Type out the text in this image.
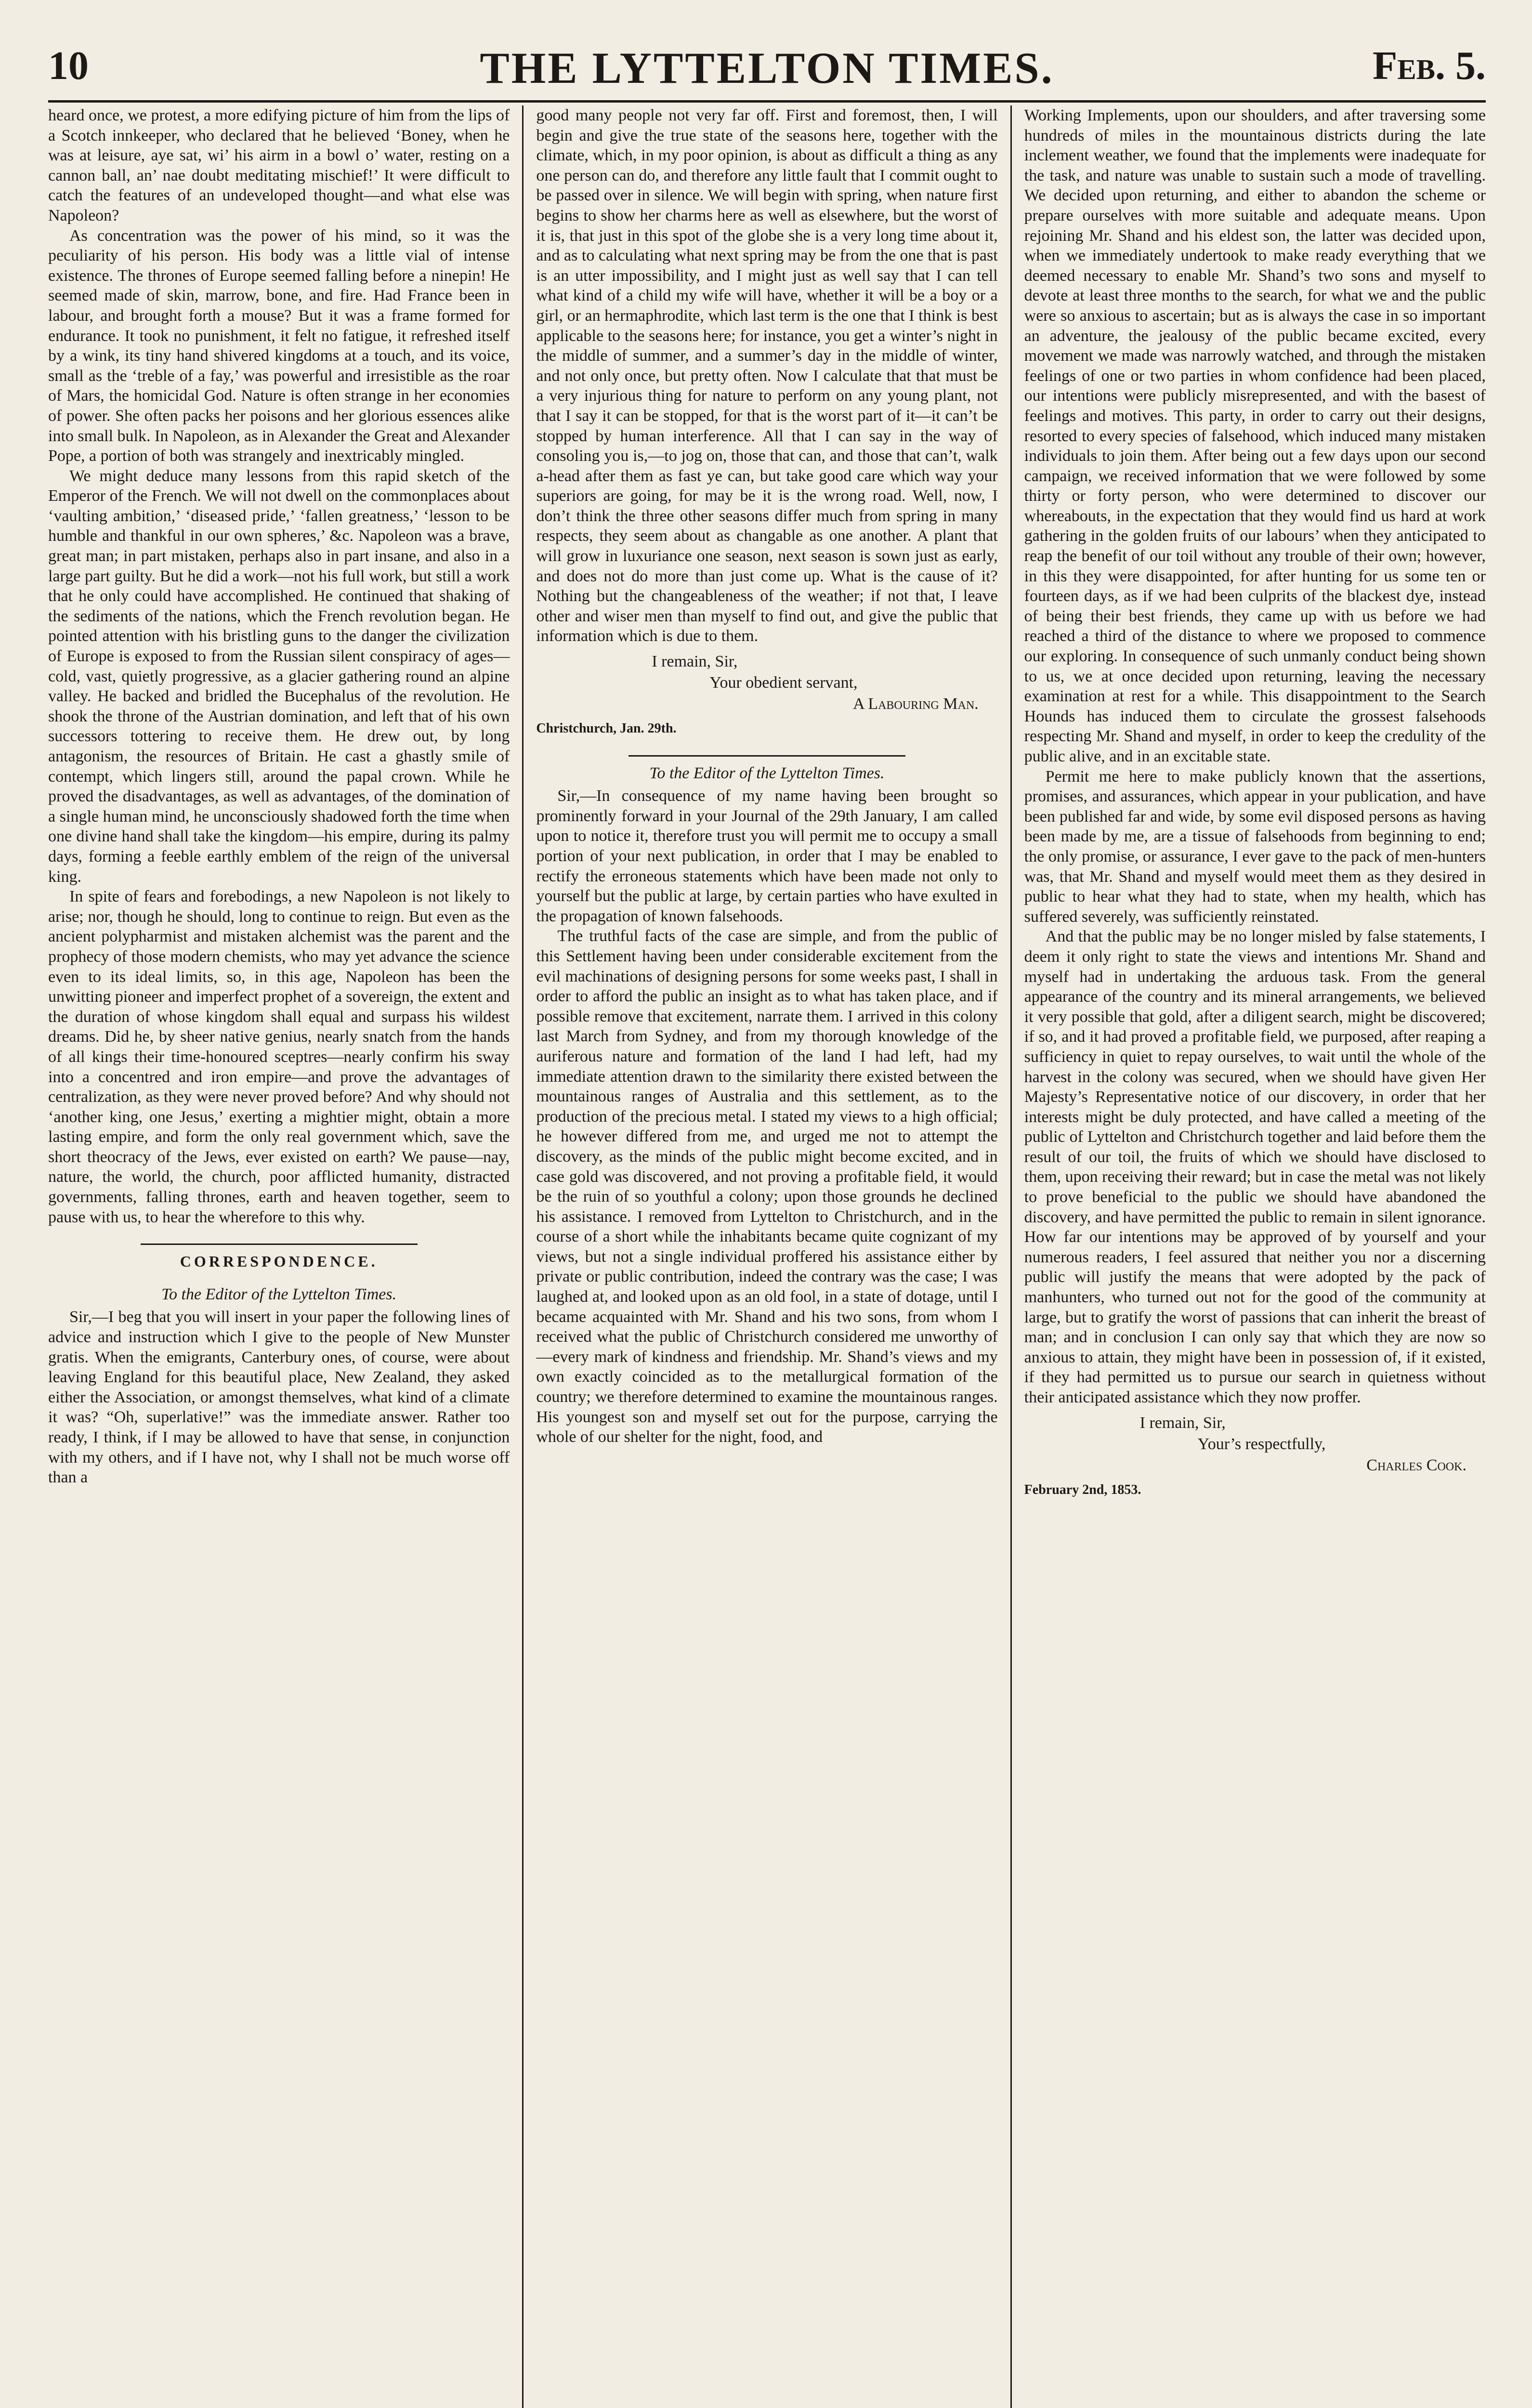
10	THE LYTTELTON TIMES.	Feb. 5.

heard once, we protest, a more edifying picture of him from the lips of a Scotch innkeeper, who declared that he believed ‘Boney, when he was at leisure, aye sat, wi’ his airm in a bowl o’ water, resting on a cannon ball, an’ nae doubt meditating mischief!’ It were difficult to catch the features of an undeveloped thought—and what else was Napoleon?

As concentration was the power of his mind, so it was the peculiarity of his person. His body was a little vial of intense existence. The thrones of Europe seemed falling before a ninepin! He seemed made of skin, marrow, bone, and fire. Had France been in labour, and brought forth a mouse? But it was a frame formed for endurance. It took no punishment, it felt no fatigue, it refreshed itself by a wink, its tiny hand shivered kingdoms at a touch, and its voice, small as the ‘treble of a fay,’ was powerful and irresistible as the roar of Mars, the homicidal God. Nature is often strange in her economies of power. She often packs her poisons and her glorious essences alike into small bulk. In Napoleon, as in Alexander the Great and Alexander Pope, a portion of both was strangely and inextricably mingled.

We might deduce many lessons from this rapid sketch of the Emperor of the French. We will not dwell on the commonplaces about ‘vaulting ambition,’ ‘diseased pride,’ ‘fallen greatness,’ ‘lesson to be humble and thankful in our own spheres,’ &c. Napoleon was a brave, great man; in part mistaken, perhaps also in part insane, and also in a large part guilty. But he did a work—not his full work, but still a work that he only could have accomplished. He continued that shaking of the sediments of the nations, which the French revolution began. He pointed attention with his bristling guns to the danger the civilization of Europe is exposed to from the Russian silent conspiracy of ages—cold, vast, quietly progressive, as a glacier gathering round an alpine valley. He backed and bridled the Bucephalus of the revolution. He shook the throne of the Austrian domination, and left that of his own successors tottering to receive them. He drew out, by long antagonism, the resources of Britain. He cast a ghastly smile of contempt, which lingers still, around the papal crown. While he proved the disadvantages, as well as advantages, of the domination of a single human mind, he unconsciously shadowed forth the time when one divine hand shall take the kingdom—his empire, during its palmy days, forming a feeble earthly emblem of the reign of the universal king.

In spite of fears and forebodings, a new Napoleon is not likely to arise; nor, though he should, long to continue to reign. But even as the ancient polypharmist and mistaken alchemist was the parent and the prophecy of those modern chemists, who may yet advance the science even to its ideal limits, so, in this age, Napoleon has been the unwitting pioneer and imperfect prophet of a sovereign, the extent and the duration of whose kingdom shall equal and surpass his wildest dreams. Did he, by sheer native genius, nearly snatch from the hands of all kings their time-honoured sceptres—nearly confirm his sway into a concentred and iron empire—and prove the advantages of centralization, as they were never proved before? And why should not ‘another king, one Jesus,’ exerting a mightier might, obtain a more lasting empire, and form the only real government which, save the short theocracy of the Jews, ever existed on earth? We pause—nay, nature, the world, the church, poor afflicted humanity, distracted governments, falling thrones, earth and heaven together, seem to pause with us, to hear the wherefore to this why.

CORRESPONDENCE.
To the Editor of the Lyttelton Times.

Sir,—I beg that you will insert in your paper the following lines of advice and instruction which I give to the people of New Munster gratis. When the emigrants, Canterbury ones, of course, were about leaving England for this beautiful place, New Zealand, they asked either the Association, or amongst themselves, what kind of a climate it was? “Oh, superlative!” was the immediate answer. Rather too ready, I think, if I may be allowed to have that sense, in conjunction with my others, and if I have not, why I shall not be much worse off than a

good many people not very far off. First and foremost, then, I will begin and give the true state of the seasons here, together with the climate, which, in my poor opinion, is about as difficult a thing as any one person can do, and therefore any little fault that I commit ought to be passed over in silence. We will begin with spring, when nature first begins to show her charms here as well as elsewhere, but the worst of it is, that just in this spot of the globe she is a very long time about it, and as to calculating what next spring may be from the one that is past is an utter impossibility, and I might just as well say that I can tell what kind of a child my wife will have, whether it will be a boy or a girl, or an hermaphrodite, which last term is the one that I think is best applicable to the seasons here; for instance, you get a winter’s night in the middle of summer, and a summer’s day in the middle of winter, and not only once, but pretty often. Now I calculate that that must be a very injurious thing for nature to perform on any young plant, not that I say it can be stopped, for that is the worst part of it—it can’t be stopped by human interference. All that I can say in the way of consoling you is,—to jog on, those that can, and those that can’t, walk a-head after them as fast ye can, but take good care which way your superiors are going, for may be it is the wrong road. Well, now, I don’t think the three other seasons differ much from spring in many respects, they seem about as changable as one another. A plant that will grow in luxuriance one season, next season is sown just as early, and does not do more than just come up. What is the cause of it? Nothing but the changeableness of the weather; if not that, I leave other and wiser men than myself to find out, and give the public that information which is due to them.

I remain, Sir,
Your obedient servant,
A Labouring Man.
Christchurch, Jan. 29th.
To the Editor of the Lyttelton Times.

Sir,—In consequence of my name having been brought so prominently forward in your Journal of the 29th January, I am called upon to notice it, therefore trust you will permit me to occupy a small portion of your next publication, in order that I may be enabled to rectify the erroneous statements which have been made not only to yourself but the public at large, by certain parties who have exulted in the propagation of known falsehoods.

The truthful facts of the case are simple, and from the public of this Settlement having been under considerable excitement from the evil machinations of designing persons for some weeks past, I shall in order to afford the public an insight as to what has taken place, and if possible remove that excitement, narrate them. I arrived in this colony last March from Sydney, and from my thorough knowledge of the auriferous nature and formation of the land I had left, had my immediate attention drawn to the similarity there existed between the mountainous ranges of Australia and this settlement, as to the production of the precious metal. I stated my views to a high official; he however differed from me, and urged me not to attempt the discovery, as the minds of the public might become excited, and in case gold was discovered, and not proving a profitable field, it would be the ruin of so youthful a colony; upon those grounds he declined his assistance. I removed from Lyttelton to Christchurch, and in the course of a short while the inhabitants became quite cognizant of my views, but not a single individual proffered his assistance either by private or public contribution, indeed the contrary was the case; I was laughed at, and looked upon as an old fool, in a state of dotage, until I became acquainted with Mr. Shand and his two sons, from whom I received what the public of Christchurch considered me unworthy of—every mark of kindness and friendship. Mr. Shand’s views and my own exactly coincided as to the metallurgical formation of the country; we therefore determined to examine the mountainous ranges. His youngest son and myself set out for the purpose, carrying the whole of our shelter for the night, food, and

Working Implements, upon our shoulders, and after traversing some hundreds of miles in the mountainous districts during the late inclement weather, we found that the implements were inadequate for the task, and nature was unable to sustain such a mode of travelling. We decided upon returning, and either to abandon the scheme or prepare ourselves with more suitable and adequate means. Upon rejoining Mr. Shand and his eldest son, the latter was decided upon, when we immediately undertook to make ready everything that we deemed necessary to enable Mr. Shand’s two sons and myself to devote at least three months to the search, for what we and the public were so anxious to ascertain; but as is always the case in so important an adventure, the jealousy of the public became excited, every movement we made was narrowly watched, and through the mistaken feelings of one or two parties in whom confidence had been placed, our intentions were publicly misrepresented, and with the basest of feelings and motives. This party, in order to carry out their designs, resorted to every species of falsehood, which induced many mistaken individuals to join them. After being out a few days upon our second campaign, we received information that we were followed by some thirty or forty person, who were determined to discover our whereabouts, in the expectation that they would find us hard at work gathering in the golden fruits of our labours’ when they anticipated to reap the benefit of our toil without any trouble of their own; however, in this they were disappointed, for after hunting for us some ten or fourteen days, as if we had been culprits of the blackest dye, instead of being their best friends, they came up with us before we had reached a third of the distance to where we proposed to commence our exploring. In consequence of such unmanly conduct being shown to us, we at once decided upon returning, leaving the necessary examination at rest for a while. This disappointment to the Search Hounds has induced them to circulate the grossest falsehoods respecting Mr. Shand and myself, in order to keep the credulity of the public alive, and in an excitable state.

Permit me here to make publicly known that the assertions, promises, and assurances, which appear in your publication, and have been published far and wide, by some evil disposed persons as having been made by me, are a tissue of falsehoods from beginning to end; the only promise, or assurance, I ever gave to the pack of men-hunters was, that Mr. Shand and myself would meet them as they desired in public to hear what they had to state, when my health, which has suffered severely, was sufficiently reinstated.

And that the public may be no longer misled by false statements, I deem it only right to state the views and intentions Mr. Shand and myself had in undertaking the arduous task. From the general appearance of the country and its mineral arrangements, we believed it very possible that gold, after a diligent search, might be discovered; if so, and it had proved a profitable field, we purposed, after reaping a sufficiency in quiet to repay ourselves, to wait until the whole of the harvest in the colony was secured, when we should have given Her Majesty’s Representative notice of our discovery, in order that her interests might be duly protected, and have called a meeting of the public of Lyttelton and Christchurch together and laid before them the result of our toil, the fruits of which we should have disclosed to them, upon receiving their reward; but in case the metal was not likely to prove beneficial to the public we should have abandoned the discovery, and have permitted the public to remain in silent ignorance. How far our intentions may be approved of by yourself and your numerous readers, I feel assured that neither you nor a discerning public will justify the means that were adopted by the pack of manhunters, who turned out not for the good of the community at large, but to gratify the worst of passions that can inherit the breast of man; and in conclusion I can only say that which they are now so anxious to attain, they might have been in possession of, if it existed, if they had permitted us to pursue our search in quietness without their anticipated assistance which they now proffer.

I remain, Sir,
Your’s respectfully,
Charles Cook.
February 2nd, 1853.
